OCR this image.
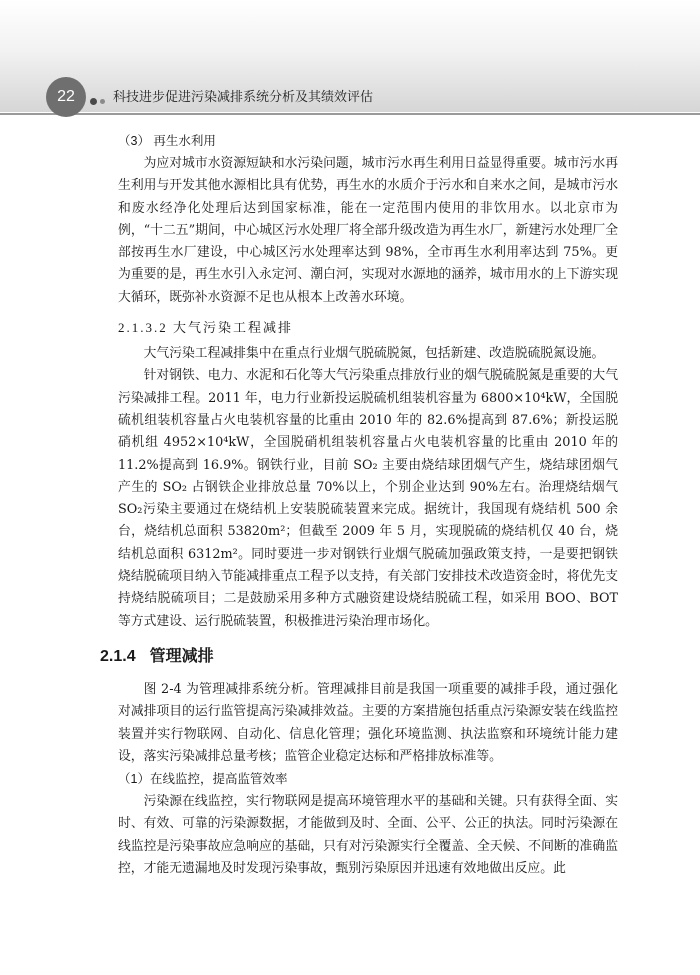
22	科技进步促进污染减排系统分析及其绩效评估

（3） 再生水利用

为应对城市水资源短缺和水污染问题，城市污水再生利用日益显得重要。城市污水再生利用与开发其他水源相比具有优势，再生水的水质介于污水和自来水之间，是城市污水和废水经净化处理后达到国家标准，能在一定范围内使用的非饮用水。以北京市为例，“十二五”期间，中心城区污水处理厂将全部升级改造为再生水厂，新建污水处理厂全部按再生水厂建设，中心城区污水处理率达到 98%，全市再生水利用率达到 75%。更为重要的是，再生水引入永定河、潮白河，实现对水源地的涵养，城市用水的上下游实现大循环，既弥补水资源不足也从根本上改善水环境。

2.1.3.2 大气污染工程减排

大气污染工程减排集中在重点行业烟气脱硫脱氮，包括新建、改造脱硫脱氮设施。

针对钢铁、电力、水泥和石化等大气污染重点排放行业的烟气脱硫脱氮是重要的大气污染减排工程。2011 年，电力行业新投运脱硫机组装机容量为 6800×10⁴kW，全国脱硫机组装机容量占火电装机容量的比重由 2010 年的 82.6%提高到 87.6%；新投运脱硝机组 4952×10⁴kW，全国脱硝机组装机容量占火电装机容量的比重由 2010 年的 11.2%提高到 16.9%。钢铁行业，目前 SO₂ 主要由烧结球团烟气产生，烧结球团烟气产生的 SO₂ 占钢铁企业排放总量 70%以上，个别企业达到 90%左右。治理烧结烟气 SO₂污染主要通过在烧结机上安装脱硫装置来完成。据统计，我国现有烧结机 500 余台，烧结机总面积 53820m²；但截至 2009 年 5 月，实现脱硫的烧结机仅 40 台，烧结机总面积 6312m²。同时要进一步对钢铁行业烟气脱硫加强政策支持，一是要把钢铁烧结脱硫项目纳入节能减排重点工程予以支持，有关部门安排技术改造资金时，将优先支持烧结脱硫项目；二是鼓励采用多种方式融资建设烧结脱硫工程，如采用 BOO、BOT 等方式建设、运行脱硫装置，积极推进污染治理市场化。

2.1.4 管理减排

图 2-4 为管理减排系统分析。管理减排目前是我国一项重要的减排手段，通过强化对减排项目的运行监管提高污染减排效益。主要的方案措施包括重点污染源安装在线监控装置并实行物联网、自动化、信息化管理；强化环境监测、执法监察和环境统计能力建设，落实污染减排总量考核；监管企业稳定达标和严格排放标准等。

（1）在线监控，提高监管效率

污染源在线监控，实行物联网是提高环境管理水平的基础和关键。只有获得全面、实时、有效、可靠的污染源数据，才能做到及时、全面、公平、公正的执法。同时污染源在线监控是污染事故应急响应的基础，只有对污染源实行全覆盖、全天候、不间断的准确监控，才能无遗漏地及时发现污染事故，甄别污染原因并迅速有效地做出反应。此
